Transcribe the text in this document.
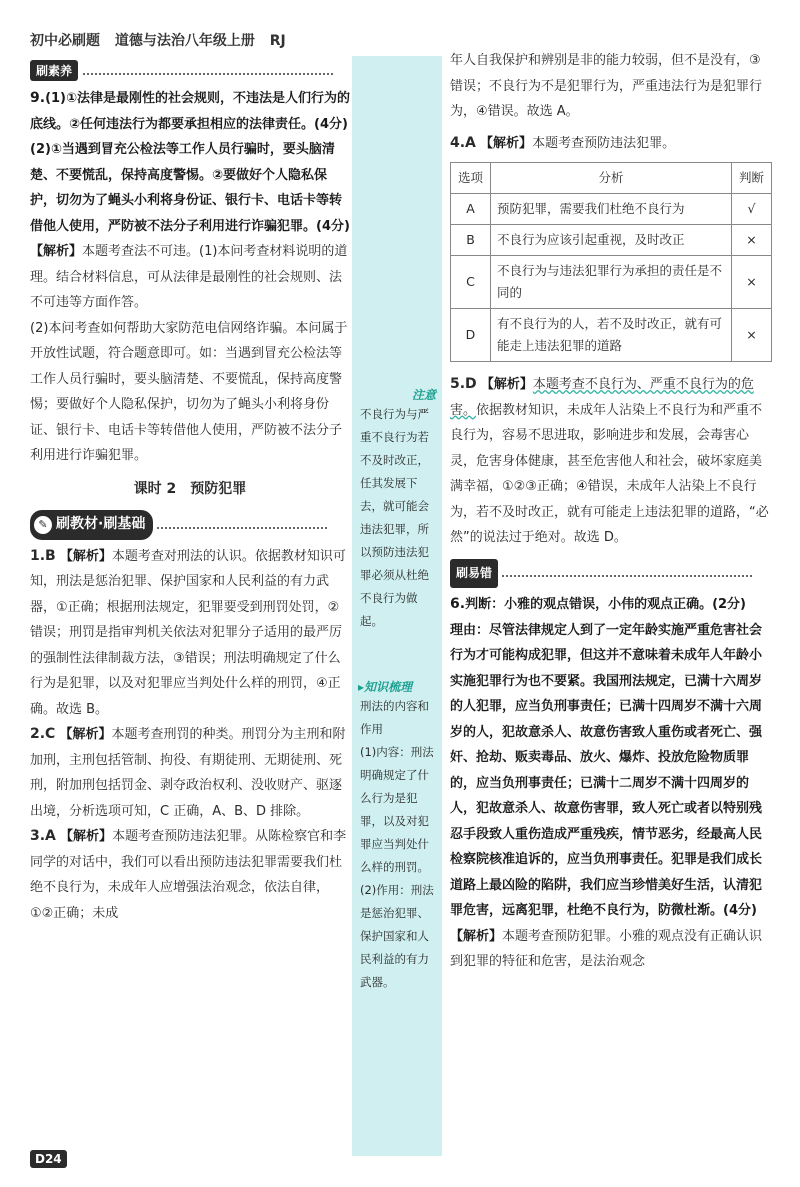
初中必刷题 道德与法治八年级上册 RJ
刷素养

9.(1)①法律是最刚性的社会规则，不违法是人们行为的底线。②任何违法行为都要承担相应的法律责任。(4分)

(2)①当遇到冒充公检法等工作人员行骗时，要头脑清楚、不要慌乱，保持高度警惕。②要做好个人隐私保护，切勿为了蝇头小利将身份证、银行卡、电话卡等转借他人使用，严防被不法分子利用进行诈骗犯罪。(4分)

【解析】本题考查法不可违。(1)本问考查材料说明的道理。结合材料信息，可从法律是最刚性的社会规则、法不可违等方面作答。

(2)本问考查如何帮助大家防范电信网络诈骗。本问属于开放性试题，符合题意即可。如：当遇到冒充公检法等工作人员行骗时，要头脑清楚、不要慌乱，保持高度警惕；要做好个人隐私保护，切勿为了蝇头小利将身份证、银行卡、电话卡等转借他人使用，严防被不法分子利用进行诈骗犯罪。

课时 2　预防犯罪

✎ 刷教材·刷基础

1.B 【解析】本题考查对刑法的认识。依据教材知识可知，刑法是惩治犯罪、保护国家和人民利益的有力武器，①正确；根据刑法规定，犯罪要受到刑罚处罚，②错误；刑罚是指审判机关依法对犯罪分子适用的最严厉的强制性法律制裁方法，③错误；刑法明确规定了什么行为是犯罪，以及对犯罪应当判处什么样的刑罚，④正确。故选 B。

2.C 【解析】本题考查刑罚的种类。刑罚分为主刑和附加刑，主刑包括管制、拘役、有期徒刑、无期徒刑、死刑，附加刑包括罚金、剥夺政治权利、没收财产、驱逐出境，分析选项可知，C 正确，A、B、D 排除。

3.A 【解析】本题考查预防违法犯罪。从陈检察官和李同学的对话中，我们可以看出预防违法犯罪需要我们杜绝不良行为，未成年人应增强法治观念，依法自律，①②正确；未成

注意
不良行为与严重不良行为若不及时改正，任其发展下去，就可能会违法犯罪，所以预防违法犯罪必须从杜绝不良行为做起。
▸知识梳理
刑法的内容和作用
(1)内容：刑法明确规定了什么行为是犯罪，以及对犯罪应当判处什么样的刑罚。
(2)作用：刑法是惩治犯罪、保护国家和人民利益的有力武器。

年人自我保护和辨别是非的能力较弱，但不是没有，③错误；不良行为不是犯罪行为，严重违法行为是犯罪行为，④错误。故选 A。

4.A 【解析】本题考查预防违法犯罪。

选项	分析	判断
A	预防犯罪，需要我们杜绝不良行为	√
B	不良行为应该引起重视，及时改正	×
C	不良行为与违法犯罪行为承担的责任是不同的	×
D	有不良行为的人，若不及时改正，就有可能走上违法犯罪的道路	×

5.D 【解析】本题考查不良行为、严重不良行为的危害。依据教材知识，未成年人沾染上不良行为和严重不良行为，容易不思进取，影响进步和发展，会毒害心灵，危害身体健康，甚至危害他人和社会，破坏家庭美满幸福，①②③正确；④错误，未成年人沾染上不良行为，若不及时改正，就有可能走上违法犯罪的道路，“必然”的说法过于绝对。故选 D。

刷易错

6.判断：小雅的观点错误，小伟的观点正确。(2分)

理由：尽管法律规定人到了一定年龄实施严重危害社会行为才可能构成犯罪，但这并不意味着未成年人年龄小实施犯罪行为也不要紧。我国刑法规定，已满十六周岁的人犯罪，应当负刑事责任；已满十四周岁不满十六周岁的人，犯故意杀人、故意伤害致人重伤或者死亡、强奸、抢劫、贩卖毒品、放火、爆炸、投放危险物质罪的，应当负刑事责任；已满十二周岁不满十四周岁的人，犯故意杀人、故意伤害罪，致人死亡或者以特别残忍手段致人重伤造成严重残疾，情节恶劣，经最高人民检察院核准追诉的，应当负刑事责任。犯罪是我们成长道路上最凶险的陷阱，我们应当珍惜美好生活，认清犯罪危害，远离犯罪，杜绝不良行为，防微杜渐。(4分)

【解析】本题考查预防犯罪。小雅的观点没有正确认识到犯罪的特征和危害，是法治观念

D24
